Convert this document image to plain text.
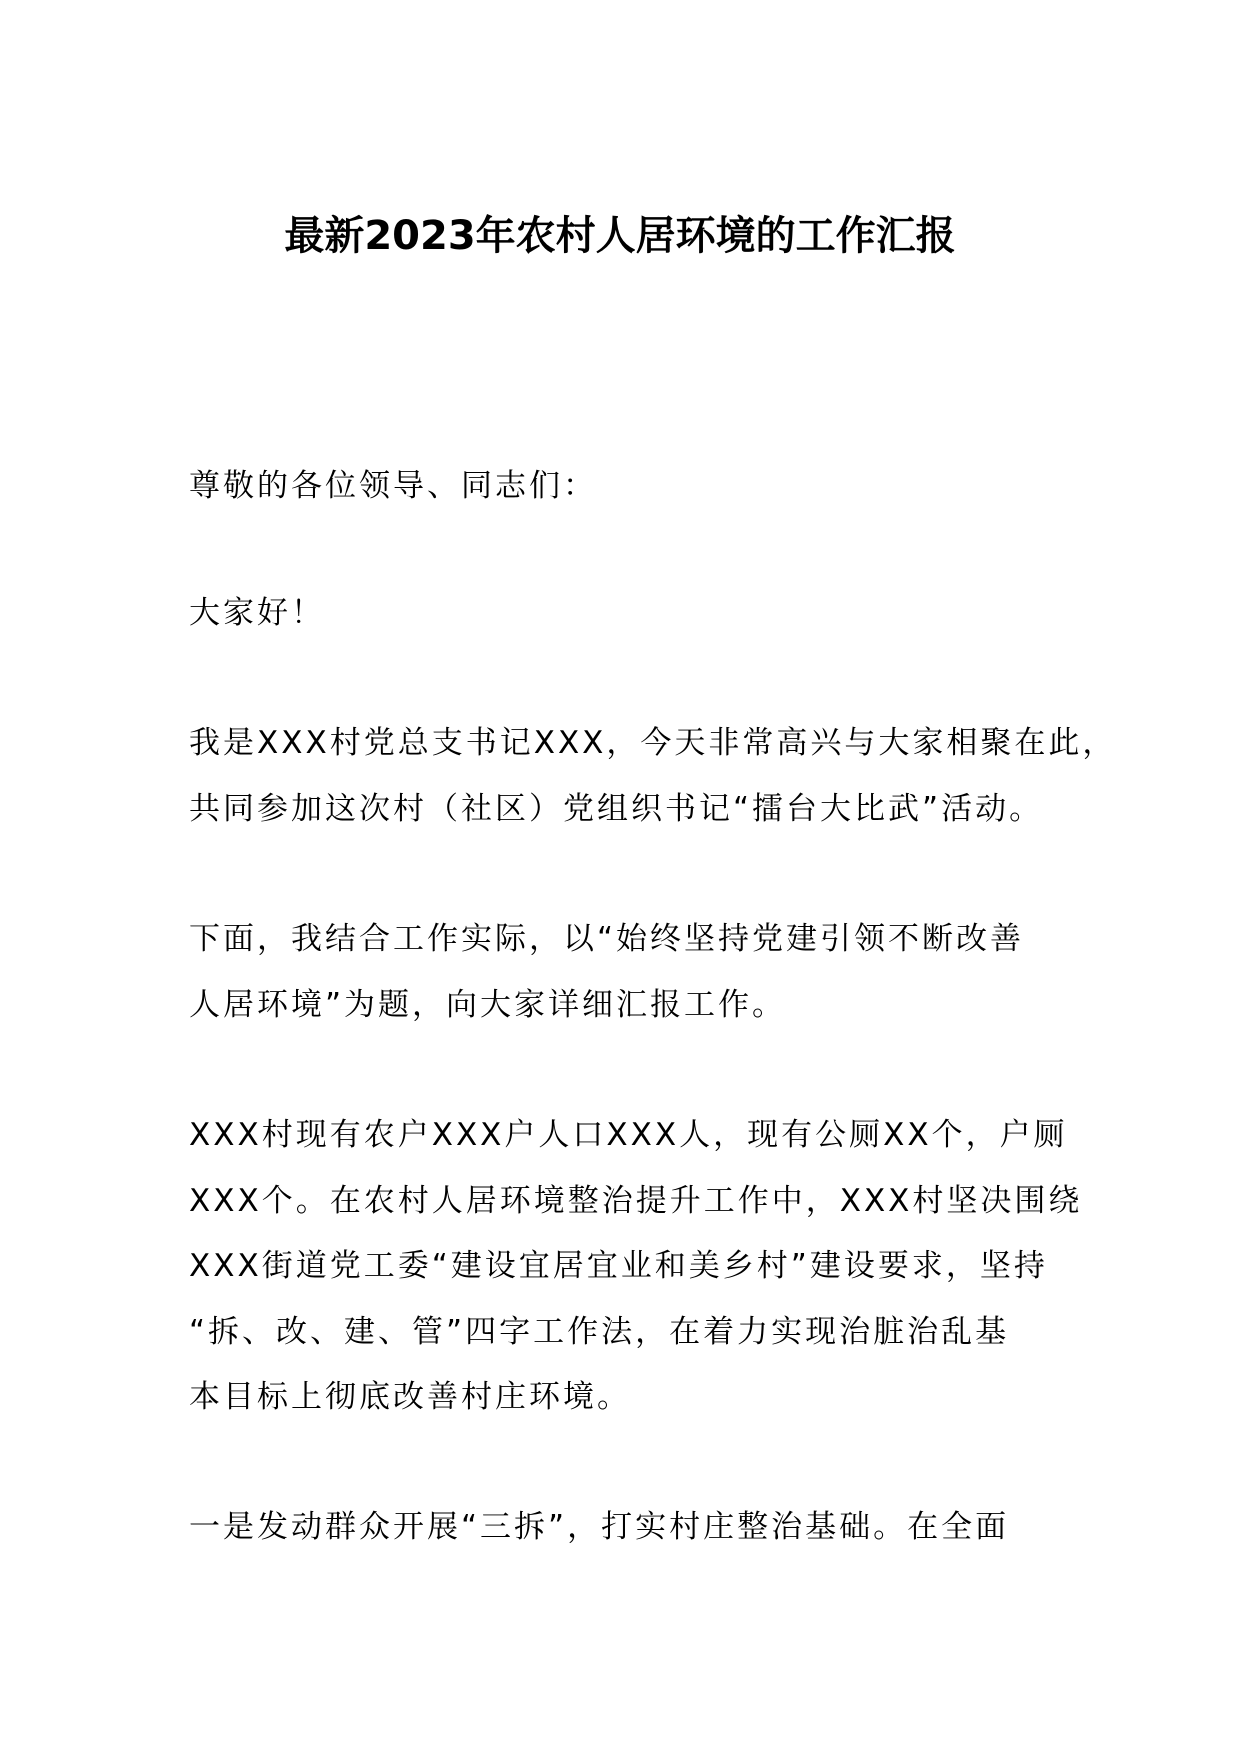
最新2023年农村人居环境的工作汇报
尊敬的各位领导、同志们：
大家好！
我是XXX村党总支书记XXX，今天非常高兴与大家相聚在此，
共同参加这次村（社区）党组织书记“擂台大比武”活动。
下面，我结合工作实际，以“始终坚持党建引领不断改善
人居环境”为题，向大家详细汇报工作。
XXX村现有农户XXX户人口XXX人，现有公厕XX个，户厕
XXX个。在农村人居环境整治提升工作中，XXX村坚决围绕
XXX街道党工委“建设宜居宜业和美乡村”建设要求，坚持
“拆、改、建、管”四字工作法，在着力实现治脏治乱基
本目标上彻底改善村庄环境。
一是发动群众开展“三拆”，打实村庄整治基础。在全面
